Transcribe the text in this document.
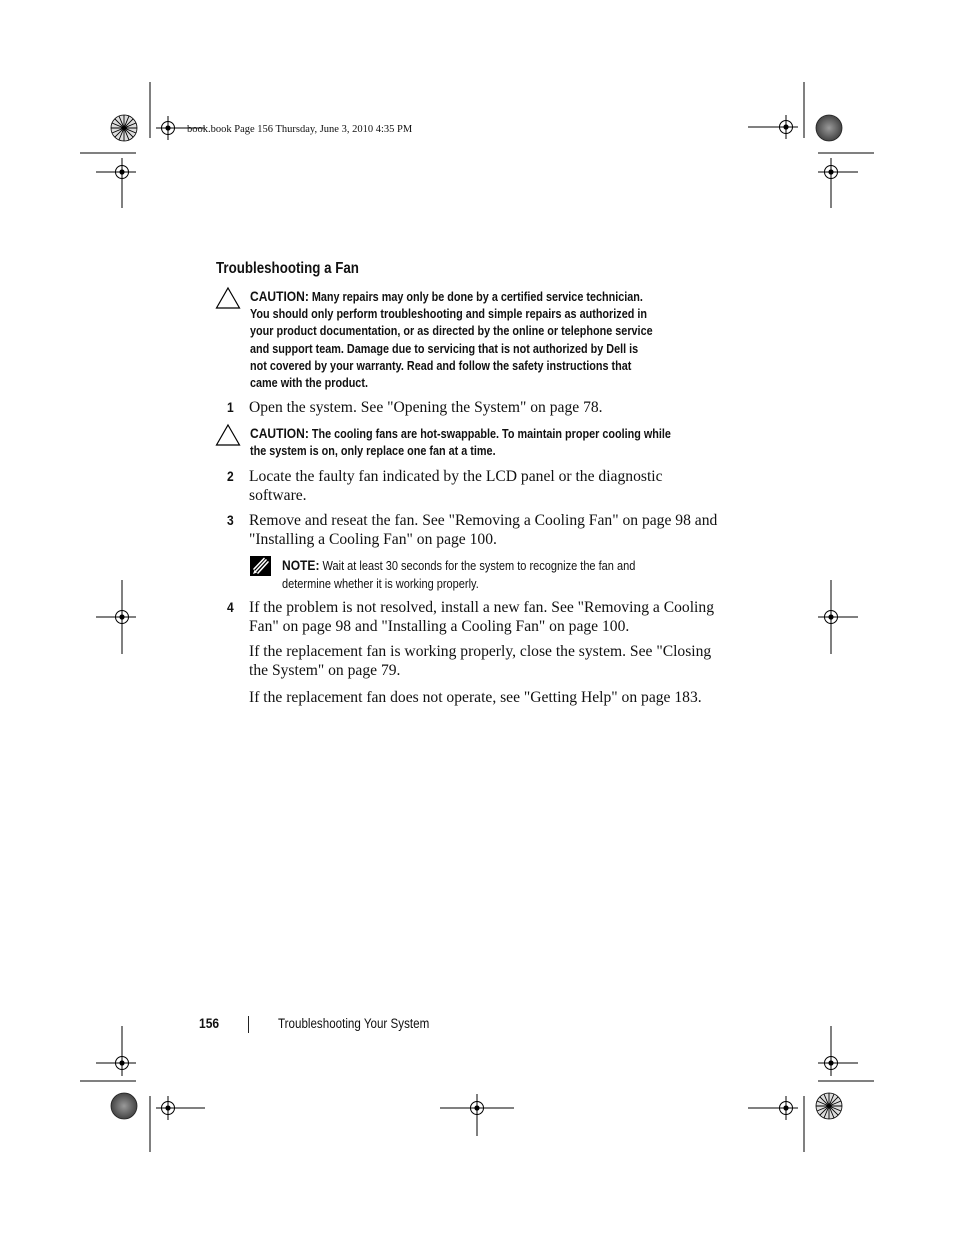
book.book Page 156 Thursday, June 3, 2010 4:35 PM
Troubleshooting a Fan
CAUTION: Many repairs may only be done by a certified service technician.
You should only perform troubleshooting and simple repairs as authorized in
your product documentation, or as directed by the online or telephone service
and support team. Damage due to servicing that is not authorized by Dell is
not covered by your warranty. Read and follow the safety instructions that
came with the product.
1 Open the system. See "Opening the System" on page 78.
CAUTION: The cooling fans are hot-swappable. To maintain proper cooling while
the system is on, only replace one fan at a time.
2 Locate the faulty fan indicated by the LCD panel or the diagnostic
software.
3 Remove and reseat the fan. See "Removing a Cooling Fan" on page 98 and
"Installing a Cooling Fan" on page 100.
NOTE: Wait at least 30 seconds for the system to recognize the fan and
determine whether it is working properly.
4 If the problem is not resolved, install a new fan. See "Removing a Cooling
Fan" on page 98 and "Installing a Cooling Fan" on page 100.
If the replacement fan is working properly, close the system. See "Closing
the System" on page 79.
If the replacement fan does not operate, see "Getting Help" on page 183.
156	Troubleshooting Your System
